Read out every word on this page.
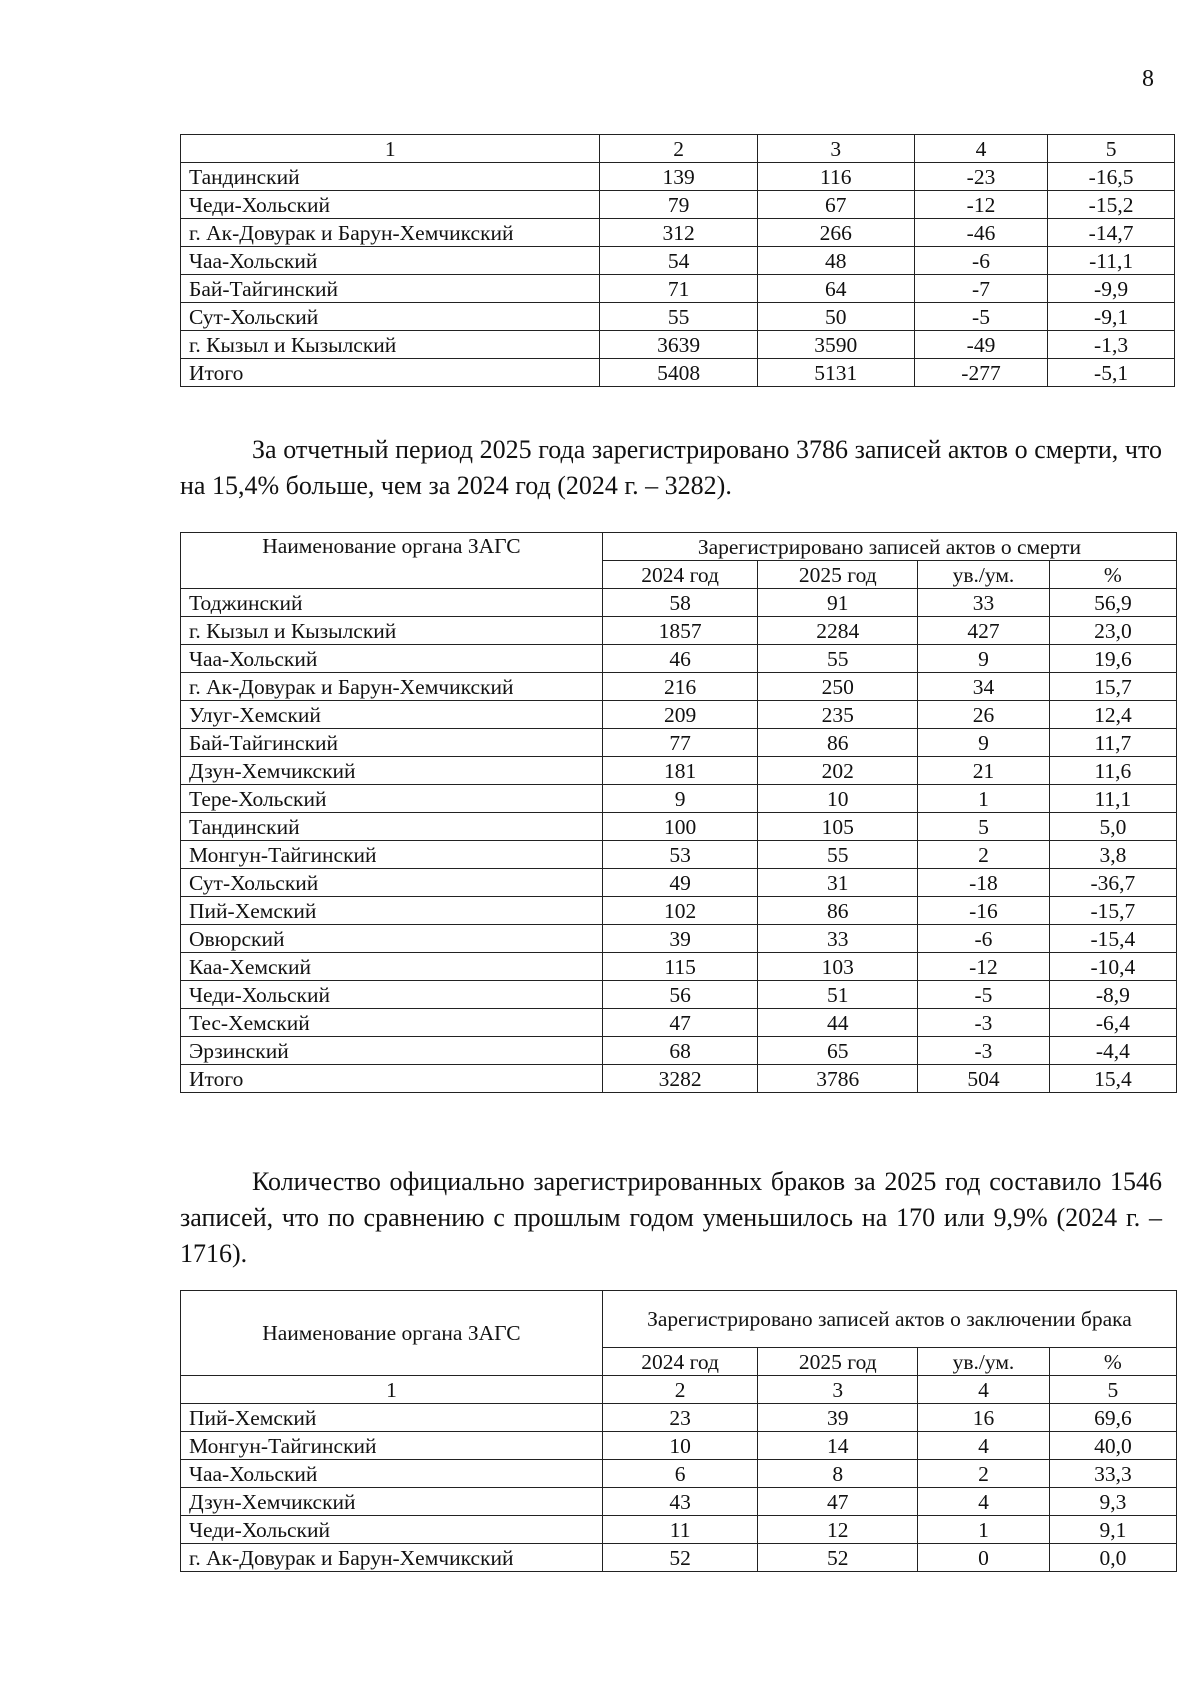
8
1	2	3	4	5
Тандинский	139	116	-23	-16,5
Чеди-Хольский	79	67	-12	-15,2
г. Ак-Довурак и Барун-Хемчикский	312	266	-46	-14,7
Чаа-Хольский	54	48	-6	-11,1
Бай-Тайгинский	71	64	-7	-9,9
Сут-Хольский	55	50	-5	-9,1
г. Кызыл и Кызылский	3639	3590	-49	-1,3
Итого	5408	5131	-277	-5,1

За отчетный период 2025 года зарегистрировано 3786 записей актов о смерти, что на 15,4% больше, чем за 2024 год (2024 г. – 3282).

Наименование органа ЗАГС	Зарегистрировано записей актов о смерти			
	2024 год	2025 год	ув./ум.	%
Тоджинский	58	91	33	56,9
г. Кызыл и Кызылский	1857	2284	427	23,0
Чаа-Хольский	46	55	9	19,6
г. Ак-Довурак и Барун-Хемчикский	216	250	34	15,7
Улуг-Хемский	209	235	26	12,4
Бай-Тайгинский	77	86	9	11,7
Дзун-Хемчикский	181	202	21	11,6
Тере-Хольский	9	10	1	11,1
Тандинский	100	105	5	5,0
Монгун-Тайгинский	53	55	2	3,8
Сут-Хольский	49	31	-18	-36,7
Пий-Хемский	102	86	-16	-15,7
Овюрский	39	33	-6	-15,4
Каа-Хемский	115	103	-12	-10,4
Чеди-Хольский	56	51	-5	-8,9
Тес-Хемский	47	44	-3	-6,4
Эрзинский	68	65	-3	-4,4
Итого	3282	3786	504	15,4

Количество официально зарегистрированных браков за 2025 год составило 1546 записей, что по сравнению с прошлым годом уменьшилось на 170 или 9,9% (2024 г. – 1716).

Наименование органа ЗАГС	Зарегистрировано записей актов о заключении брака			
	2024 год	2025 год	ув./ум.	%
1	2	3	4	5
Пий-Хемский	23	39	16	69,6
Монгун-Тайгинский	10	14	4	40,0
Чаа-Хольский	6	8	2	33,3
Дзун-Хемчикский	43	47	4	9,3
Чеди-Хольский	11	12	1	9,1
г. Ак-Довурак и Барун-Хемчикский	52	52	0	0,0
